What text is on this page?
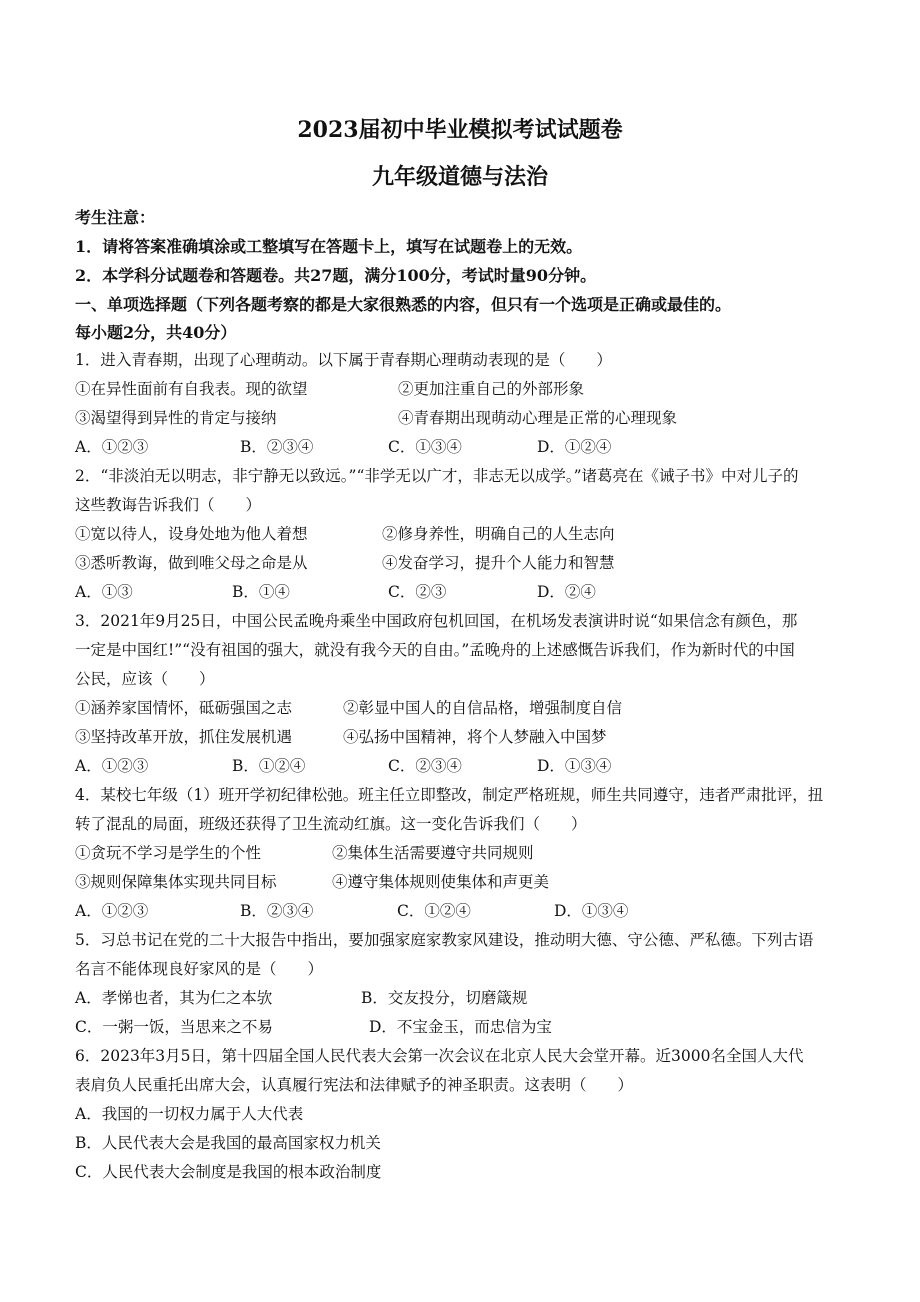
2023届初中毕业模拟考试试题卷
九年级道德与法治
考生注意：
1．请将答案准确填涂或工整填写在答题卡上，填写在试题卷上的无效。
2．本学科分试题卷和答题卷。共27题，满分100分，考试时量90分钟。
一、单项选择题（下列各题考察的都是大家很熟悉的内容，但只有一个选项是正确或最佳的。
每小题2分，共40分）
1．进入青春期，出现了心理萌动。以下属于青春期心理萌动表现的是（　　）
①在异性面前有自我表。现的欲望	②更加注重自己的外部形象
③渴望得到异性的肯定与接纳	④青春期出现萌动心理是正常的心理现象
A．①②③	B．②③④	C．①③④	D．①②④
2．“非淡泊无以明志，非宁静无以致远。”“非学无以广才，非志无以成学。”诸葛亮在《诫子书》中对儿子的
这些教诲告诉我们（　　）
①宽以待人，设身处地为他人着想	②修身养性，明确自己的人生志向
③悉听教诲，做到唯父母之命是从	④发奋学习，提升个人能力和智慧
A．①③	B．①④	C．②③	D．②④
3．2021年9月25日，中国公民孟晚舟乘坐中国政府包机回国，在机场发表演讲时说“如果信念有颜色，那
一定是中国红!”“没有祖国的强大，就没有我今天的自由。”孟晚舟的上述感慨告诉我们，作为新时代的中国
公民，应该（　　）
①涵养家国情怀，砥砺强国之志	②彰显中国人的自信品格，增强制度自信
③坚持改革开放，抓住发展机遇	④弘扬中国精神，将个人梦融入中国梦
A．①②③	B．①②④	C．②③④	D．①③④
4．某校七年级（1）班开学初纪律松弛。班主任立即整改，制定严格班规，师生共同遵守，违者严肃批评，扭
转了混乱的局面，班级还获得了卫生流动红旗。这一变化告诉我们（　　）
①贪玩不学习是学生的个性	②集体生活需要遵守共同规则
③规则保障集体实现共同目标	④遵守集体规则使集体和声更美
A．①②③	B．②③④	C．①②④	D．①③④
5．习总书记在党的二十大报告中指出，要加强家庭家教家风建设，推动明大德、守公德、严私德。下列古语
名言不能体现良好家风的是（　　）
A．孝悌也者，其为仁之本欤	B．交友投分，切磨箴规
C．一粥一饭，当思来之不易	D．不宝金玉，而忠信为宝
6．2023年3月5日，第十四届全国人民代表大会第一次会议在北京人民大会堂开幕。近3000名全国人大代
表肩负人民重托出席大会，认真履行宪法和法律赋予的神圣职责。这表明（　　）
A．我国的一切权力属于人大代表
B．人民代表大会是我国的最高国家权力机关
C．人民代表大会制度是我国的根本政治制度
